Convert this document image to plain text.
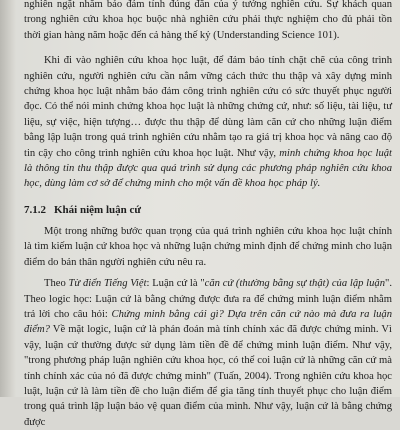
nghiên ngặt nhằm bảo đảm tính đúng đắn của ý tưởng nghiên cứu. Sự khách quan trong nghiên cứu khoa học buộc nhà nghiên cứu phải thực nghiệm cho đủ phải tồn thời gian hàng năm hoặc đến cả hàng thế kỷ (Understanding Science 101).

Khi đi vào nghiên cứu khoa học luật, để đảm bảo tính chặt chẽ của công trình nghiên cứu, người nghiên cứu cần nắm vững cách thức thu thập và xây dựng minh chứng khoa học luật nhằm bảo đảm công trình nghiên cứu có sức thuyết phục người đọc. Có thể nói minh chứng khoa học luật là những chứng cứ, như: số liệu, tài liệu, tư liệu, sự việc, hiện tượng… được thu thập để dùng làm căn cứ cho những luận điểm bằng lập luận trong quá trình nghiên cứu nhằm tạo ra giá trị khoa học và nâng cao độ tin cậy cho công trình nghiên cứu khoa học luật. Như vậy, minh chứng khoa học luật là thông tin thu thập được qua quá trình sử dụng các phương pháp nghiên cứu khoa học, dùng làm cơ sở để chứng minh cho một vấn đề khoa học pháp lý.

7.1.2 Khái niệm luận cứ

Một trong những bước quan trọng của quá trình nghiên cứu khoa học luật chính là tìm kiếm luận cứ khoa học và những luận chứng minh định để chứng minh cho luận điểm do bản thân người nghiên cứu nêu ra.

Theo Từ điển Tiếng Việt: Luận cứ là "căn cứ (thường bằng sự thật) của lập luận". Theo logic học: Luận cứ là bằng chứng được đưa ra để chứng minh luận điểm nhằm trả lời cho câu hỏi: Chứng minh bằng cái gì? Dựa trên căn cứ nào mà đưa ra luận điểm? Về mặt logic, luận cứ là phán đoán mà tính chính xác đã được chứng minh. Vì vậy, luận cứ thường được sử dụng làm tiền đề để chứng minh luận điểm. Như vậy, "trong phương pháp luận nghiên cứu khoa học, có thể coi luận cứ là những căn cứ mà tính chính xác của nó đã được chứng minh" (Tuấn, 2004). Trong nghiên cứu khoa học luật, luận cứ là làm tiền đề cho luận điểm để gia tăng tính thuyết phục cho luận điểm trong quá trình lập luận bảo vệ quan điểm của mình. Như vậy, luận cứ là bằng chứng được
